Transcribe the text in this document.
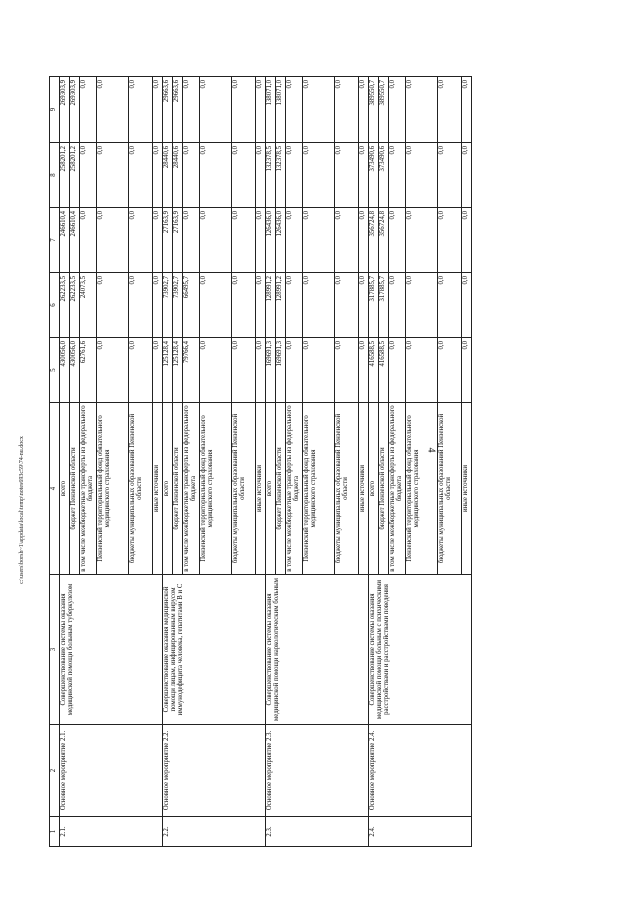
4
c:\users\borsh~1\appdata\local\temp\notes693c59\74-nu.docx
1	2	3	4	5	6	7	8	9
2.1.	Основное мероприятие 2.1.	Совершенствование системы оказания медицинской помощи больным туберкулезом	всего	430056,0	262233,5	246610,4	258201,2	269303,9
			бюджет Пензенской области	430056,0	262233,5	246610,4	258201,2	269303,9
			в том числе межбюджетные трансферты из федерального бюджета	62761,6	24073,5	0,0	0,0	0,0
			Пензенский территориальный фонд обязательного медицинского страхования	0,0	0,0	0,0	0,0	0,0
			бюджеты муниципальных образований Пензенской области	0,0	0,0	0,0	0,0	0,0
			иные источники	0,0	0,0	0,0	0,0	0,0
2.2.	Основное мероприятие 2.2.	Совершенствование оказания медицинской помощи лицам, инфицированным вирусом иммунодефицита человека, гепатитами B и C	всего	125128,4	73902,7	27163,9	28440,6	29663,6
			бюджет Пензенской области	125128,4	73902,7	27163,9	28440,6	29663,6
			в том числе межбюджетные трансферты из федерального бюджета	79766,4	66495,7	0,0	0,0	0,0
			Пензенский территориальный фонд обязательного медицинского страхования	0,0	0,0	0,0	0,0	0,0
			бюджеты муниципальных образований Пензенской области	0,0	0,0	0,0	0,0	0,0
			иные источники	0,0	0,0	0,0	0,0	0,0
2.3.	Основное мероприятие 2.3.	Совершенствование системы оказания медицинской помощи наркологическим больным	всего	169691,3	128991,2	126436,0	132378,5	138071,0
			бюджет Пензенской области	169691,3	128991,2	126436,0	132378,5	138071,0
			в том числе межбюджетные трансферты из федерального бюджета	0,0	0,0	0,0	0,0	0,0
			Пензенский территориальный фонд обязательного медицинского страхования	0,0	0,0	0,0	0,0	0,0
			бюджеты муниципальных образований Пензенской области	0,0	0,0	0,0	0,0	0,0
			иные источники	0,0	0,0	0,0	0,0	0,0
2.4.	Основное мероприятие 2.4.	Совершенствование системы оказания медицинской помощи больным с психическими расстройствами и расстройствами поведения	всего	416588,5	317885,7	356724,8	373490,6	389550,7
			бюджет Пензенской области	416588,5	317885,7	356724,8	373490,6	389550,7
			в том числе межбюджетные трансферты из федерального бюджета	0,0	0,0	0,0	0,0	0,0
			Пензенский территориальный фонд обязательного медицинского страхования	0,0	0,0	0,0	0,0	0,0
			бюджеты муниципальных образований Пензенской области	0,0	0,0	0,0	0,0	0,0
			иные источники	0,0	0,0	0,0	0,0	0,0
